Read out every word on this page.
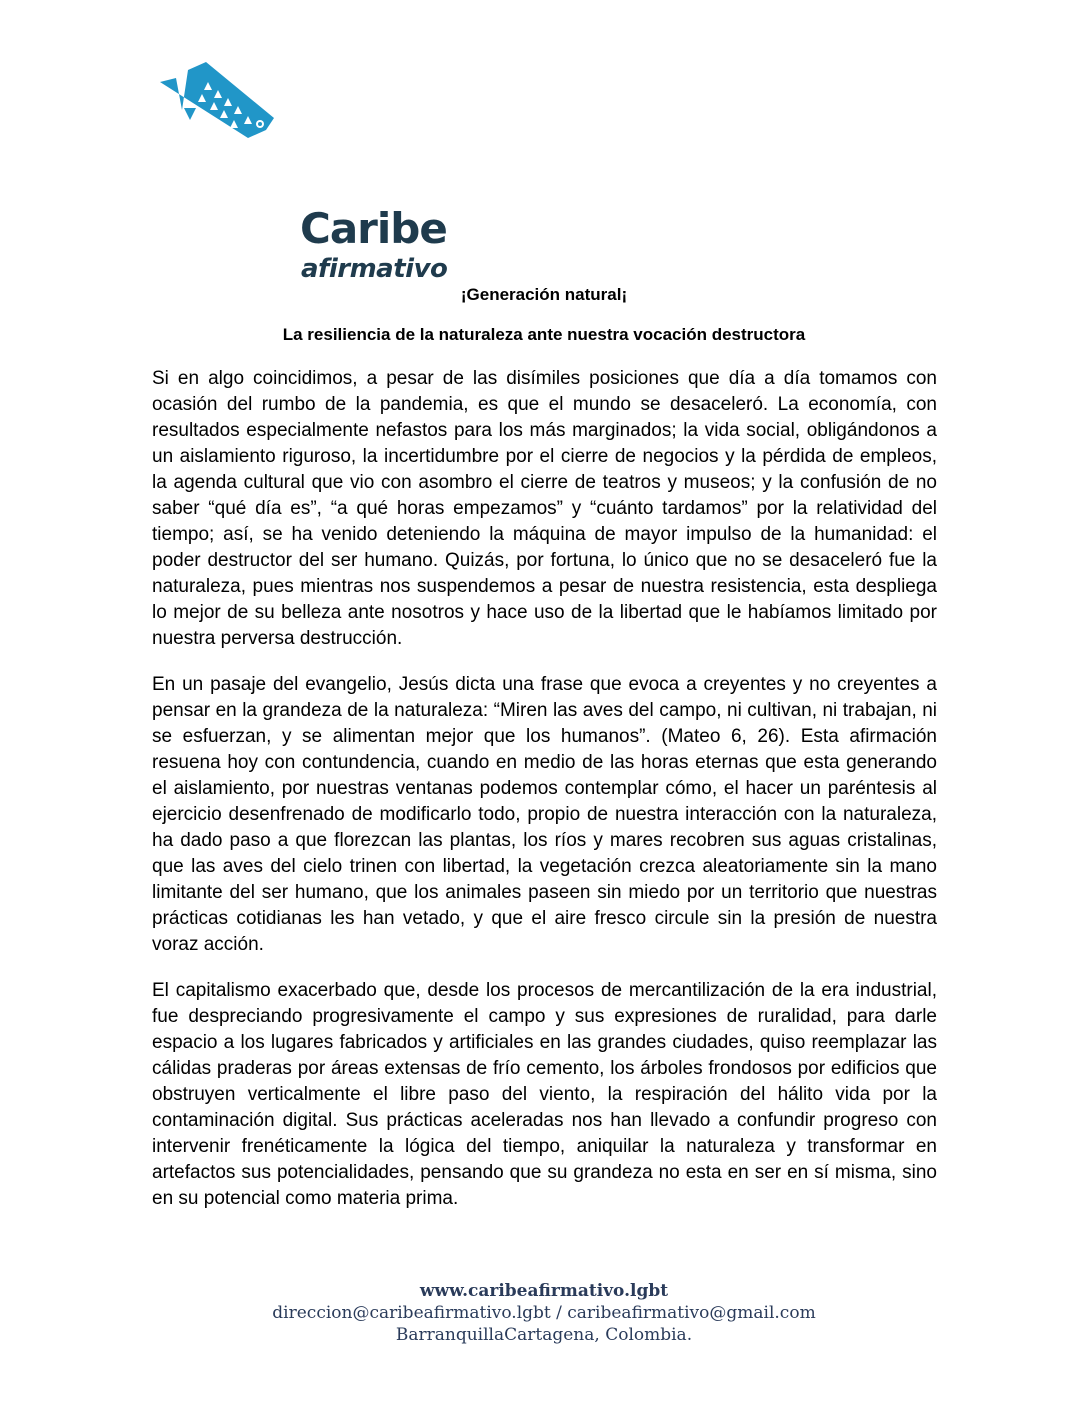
Caribe
afirmativo
¡Generación natural¡
La resiliencia de la naturaleza ante nuestra vocación destructora

Si en algo coincidimos, a pesar de las disímiles posiciones que día a día tomamos con ocasión del rumbo de la pandemia, es que el mundo se desaceleró. La economía, con resultados especialmente nefastos para los más marginados; la vida social, obligándonos a un aislamiento riguroso, la incertidumbre por el cierre de negocios y la pérdida de empleos, la agenda cultural que vio con asombro el cierre de teatros y museos; y la confusión de no saber “qué día es”, “a qué horas empezamos” y “cuánto tardamos” por la relatividad del tiempo; así, se ha venido deteniendo la máquina de mayor impulso de la humanidad: el poder destructor del ser humano. Quizás, por fortuna, lo único que no se desaceleró fue la naturaleza, pues mientras nos suspendemos a pesar de nuestra resistencia, esta despliega lo mejor de su belleza ante nosotros y hace uso de la libertad que le habíamos limitado por nuestra perversa destrucción.

En un pasaje del evangelio, Jesús dicta una frase que evoca a creyentes y no creyentes a pensar en la grandeza de la naturaleza: “Miren las aves del campo, ni cultivan, ni trabajan, ni se esfuerzan, y se alimentan mejor que los humanos”. (Mateo 6, 26). Esta afirmación resuena hoy con contundencia, cuando en medio de las horas eternas que esta generando el aislamiento, por nuestras ventanas podemos contemplar cómo, el hacer un paréntesis al ejercicio desenfrenado de modificarlo todo, propio de nuestra interacción con la naturaleza, ha dado paso a que florezcan las plantas, los ríos y mares recobren sus aguas cristalinas, que las aves del cielo trinen con libertad, la vegetación crezca aleatoriamente sin la mano limitante del ser humano, que los animales paseen sin miedo por un territorio que nuestras prácticas cotidianas les han vetado, y que el aire fresco circule sin la presión de nuestra voraz acción.

El capitalismo exacerbado que, desde los procesos de mercantilización de la era industrial, fue despreciando progresivamente el campo y sus expresiones de ruralidad, para darle espacio a los lugares fabricados y artificiales en las grandes ciudades, quiso reemplazar las cálidas praderas por áreas extensas de frío cemento, los árboles frondosos por edificios que obstruyen verticalmente el libre paso del viento, la respiración del hálito vida por la contaminación digital. Sus prácticas aceleradas nos han llevado a confundir progreso con intervenir frenéticamente la lógica del tiempo, aniquilar la naturaleza y transformar en artefactos sus potencialidades, pensando que su grandeza no esta en ser en sí misma, sino en su potencial como materia prima.

www.caribeafirmativo.lgbt
direccion@caribeafirmativo.lgbt / caribeafirmativo@gmail.com
BarranquillaCartagena, Colombia.
